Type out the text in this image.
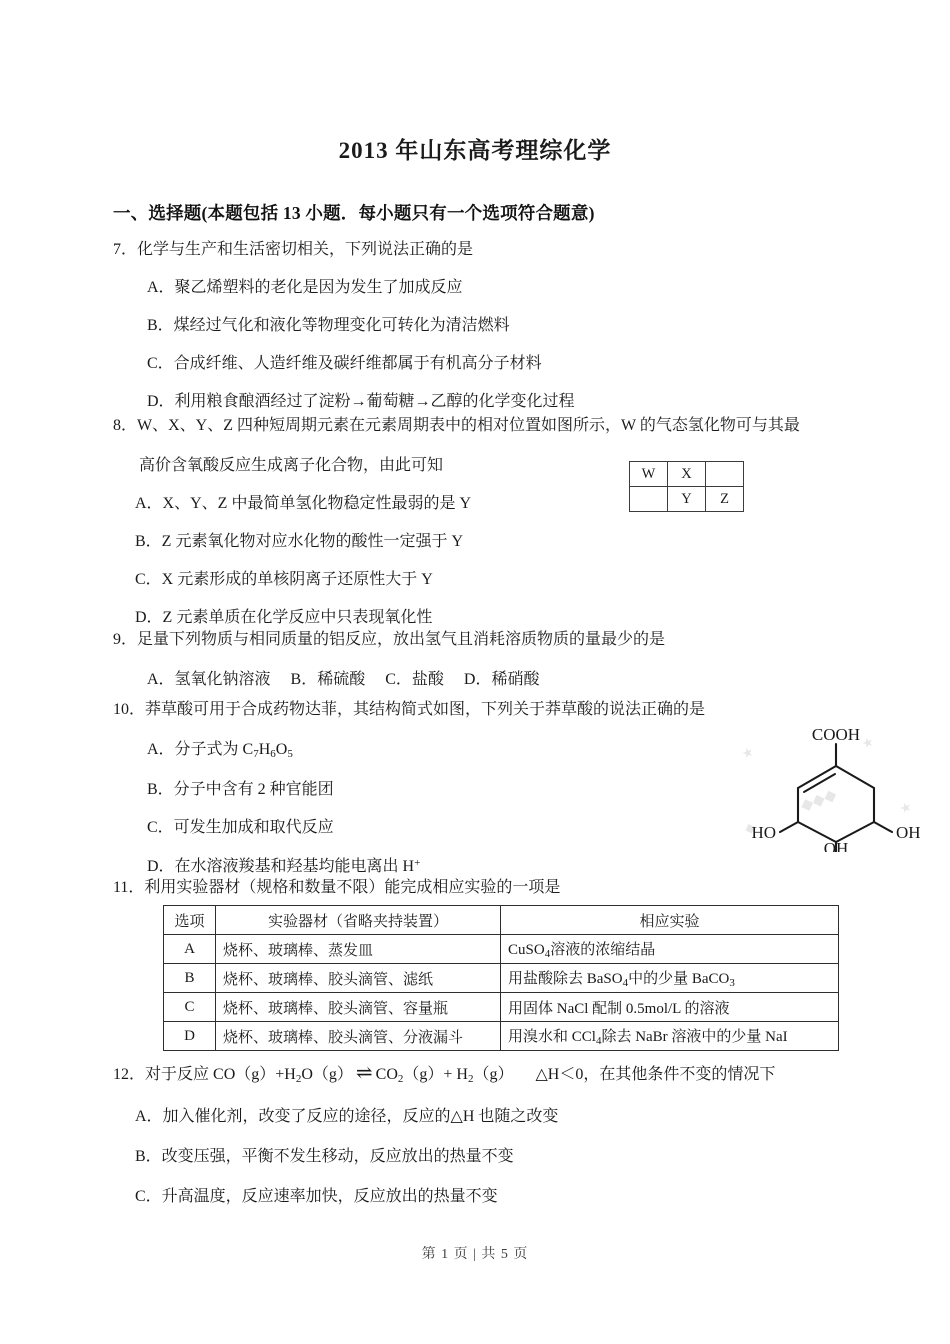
2013 年山东高考理综化学
一、选择题(本题包括 13 小题．每小题只有一个选项符合题意)
7．化学与生产和生活密切相关，下列说法正确的是
A．聚乙烯塑料的老化是因为发生了加成反应
B．煤经过气化和液化等物理变化可转化为清洁燃料
C．合成纤维、人造纤维及碳纤维都属于有机高分子材料
D．利用粮食酿酒经过了淀粉→葡萄糖→乙醇的化学变化过程
8．W、X、Y、Z 四种短周期元素在元素周期表中的相对位置如图所示，W 的气态氢化物可与其最
高价含氧酸反应生成离子化合物，由此可知
A．X、Y、Z 中最简单氢化物稳定性最弱的是 Y
B．Z 元素氧化物对应水化物的酸性一定强于 Y
C．X 元素形成的单核阴离子还原性大于 Y
D．Z 元素单质在化学反应中只表现氧化性
W	X	
	Y	Z
9．足量下列物质与相同质量的铝反应，放出氢气且消耗溶质物质的量最少的是
A．氢氧化钠溶液　 B．稀硫酸　 C．盐酸　 D．稀硝酸
10．莽草酸可用于合成药物达菲，其结构简式如图，下列关于莽草酸的说法正确的是
A．分子式为 $C_7H_6O_5$
B．分子中含有 2 种官能团
C．可发生加成和取代反应
D．在水溶液羧基和羟基均能电离出 H+
COOH
HO	OH
OH
★
★
◆◆◆
◆
★
11．利用实验器材（规格和数量不限）能完成相应实验的一项是
选项	实验器材（省略夹持装置）	相应实验
A	烧杯、玻璃棒、蒸发皿	CuSO$_4$溶液的浓缩结晶
B	烧杯、玻璃棒、胶头滴管、滤纸	用盐酸除去 BaSO$_4$中的少量 BaCO$_3$
C	烧杯、玻璃棒、胶头滴管、容量瓶	用固体 NaCl 配制 0.5mol/L 的溶液
D	烧杯、玻璃棒、胶头滴管、分液漏斗	用溴水和 CCl$_4$除去 NaBr 溶液中的少量 NaI
12．对于反应 $CO(g)+H_2O(g)$ ⇌ $CO_2(g)+ H_2(g)$ △H＜0，在其他条件不变的情况下
A．加入催化剂，改变了反应的途径，反应的△H 也随之改变
B．改变压强，平衡不发生移动，反应放出的热量不变
C．升高温度，反应速率加快，反应放出的热量不变
第 1 页 | 共 5 页
